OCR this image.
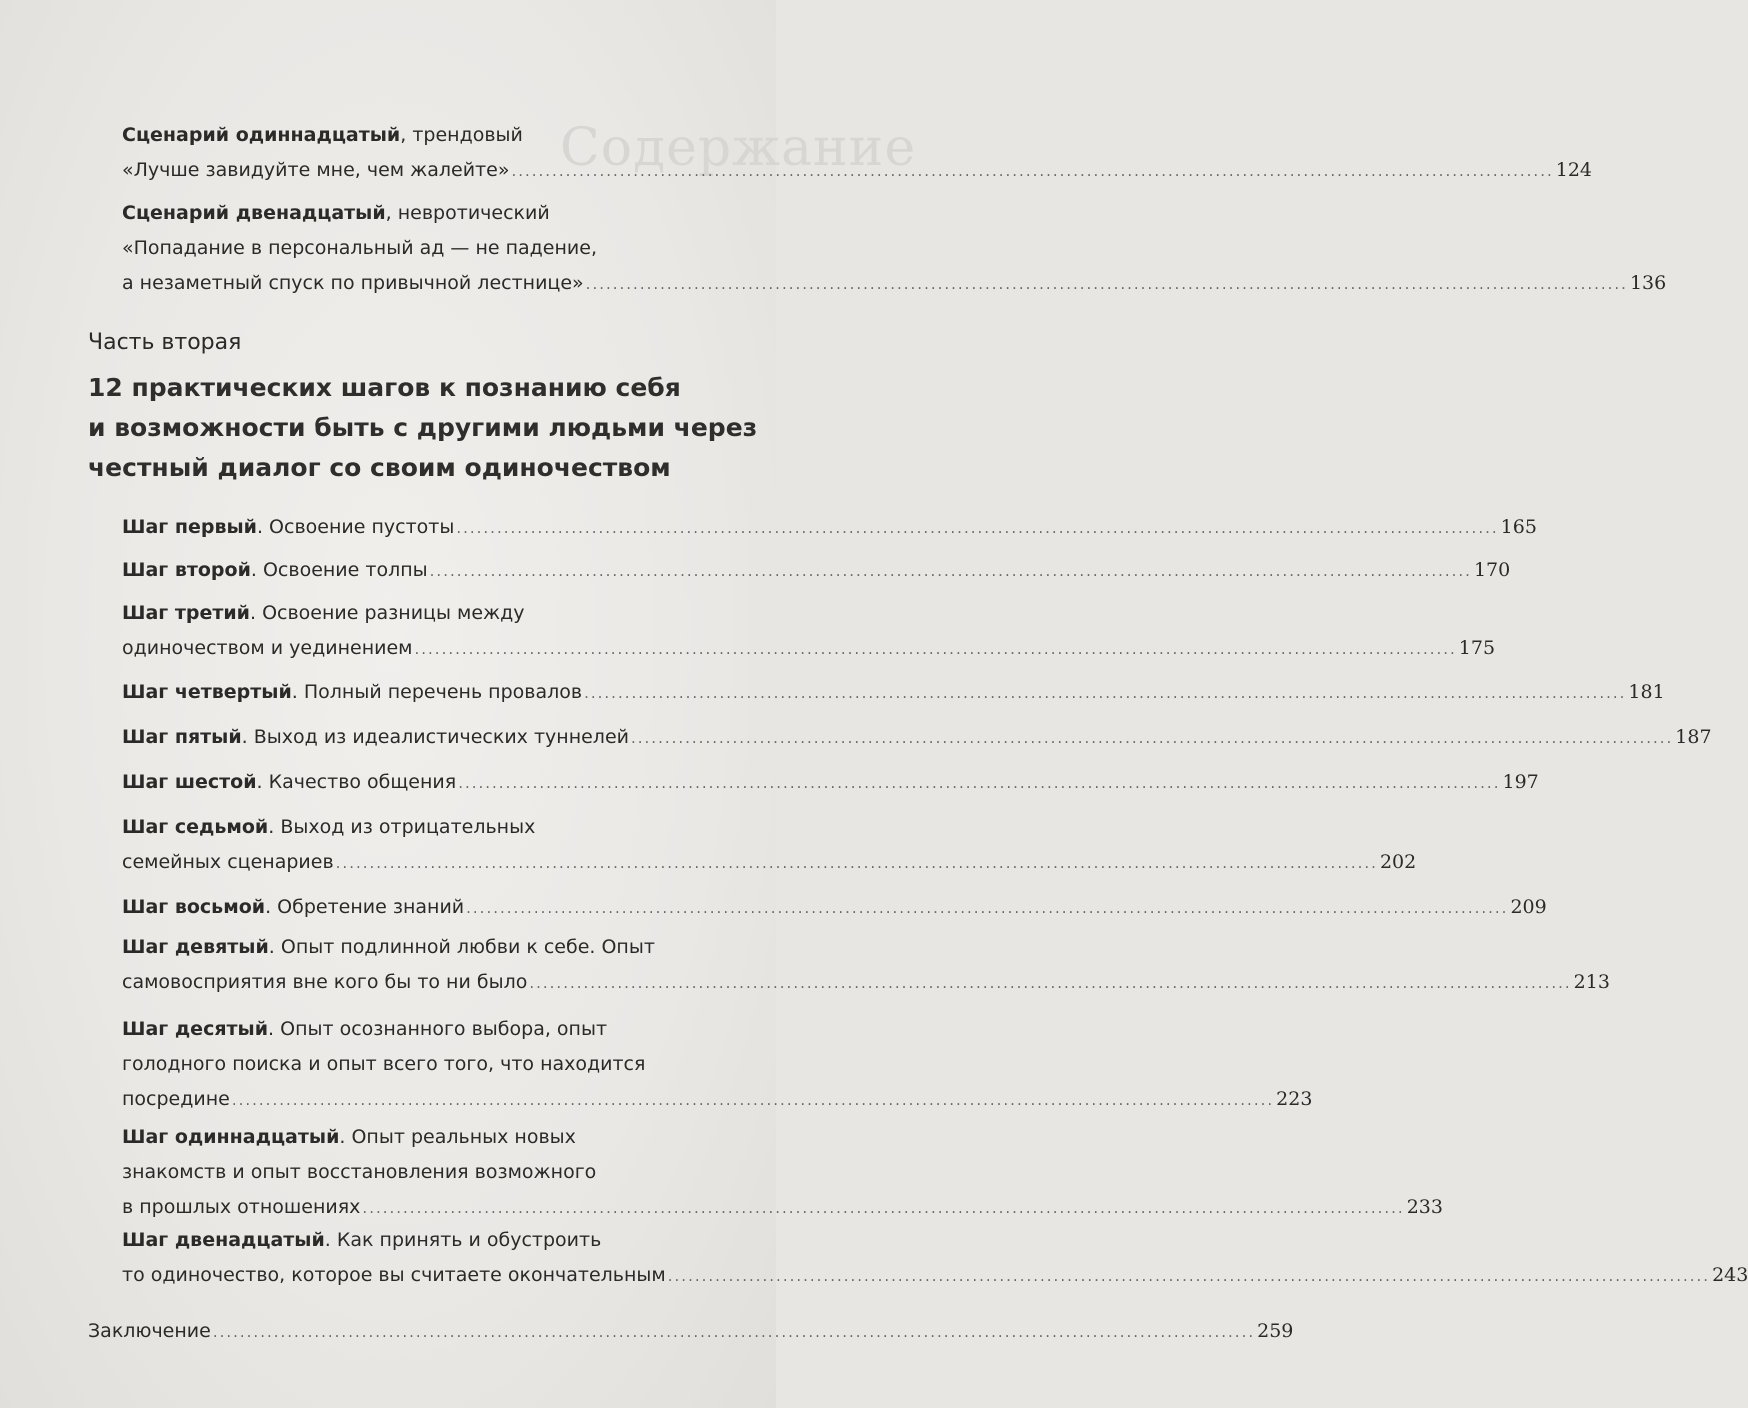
Содержание
Сценарий одиннадцатый , трендовый
«Лучше завидуйте мне, чем жалейте» .....	124
Сценарий двенадцатый , невротический
«Попадание в персональный ад — не падение,
а незаметный спуск по привычной лестнице» .....	136
Часть вторая
12 практических шагов к познанию себя
и возможности быть с другими людьми через
честный диалог со своим одиночеством
Шаг первый . Освоение пустоты .....	165
Шаг второй . Освоение толпы .....	170
Шаг третий . Освоение разницы между
одиночеством и уединением .....	175
Шаг четвертый . Полный перечень провалов .....	181
Шаг пятый . Выход из идеалистических туннелей .....	187
Шаг шестой . Качество общения .....	197
Шаг седьмой . Выход из отрицательных
семейных сценариев .....	202
Шаг восьмой . Обретение знаний .....	209
Шаг девятый . Опыт подлинной любви к себе. Опыт
самовосприятия вне кого бы то ни было .....	213
Шаг десятый . Опыт осознанного выбора, опыт
голодного поиска и опыт всего того, что находится
посредине .....	223
Шаг одиннадцатый . Опыт реальных новых
знакомств и опыт восстановления возможного
в прошлых отношениях .....	233
Шаг двенадцатый . Как принять и обустроить
то одиночество, которое вы считаете окончательным .....	243
Заключение .....	259
